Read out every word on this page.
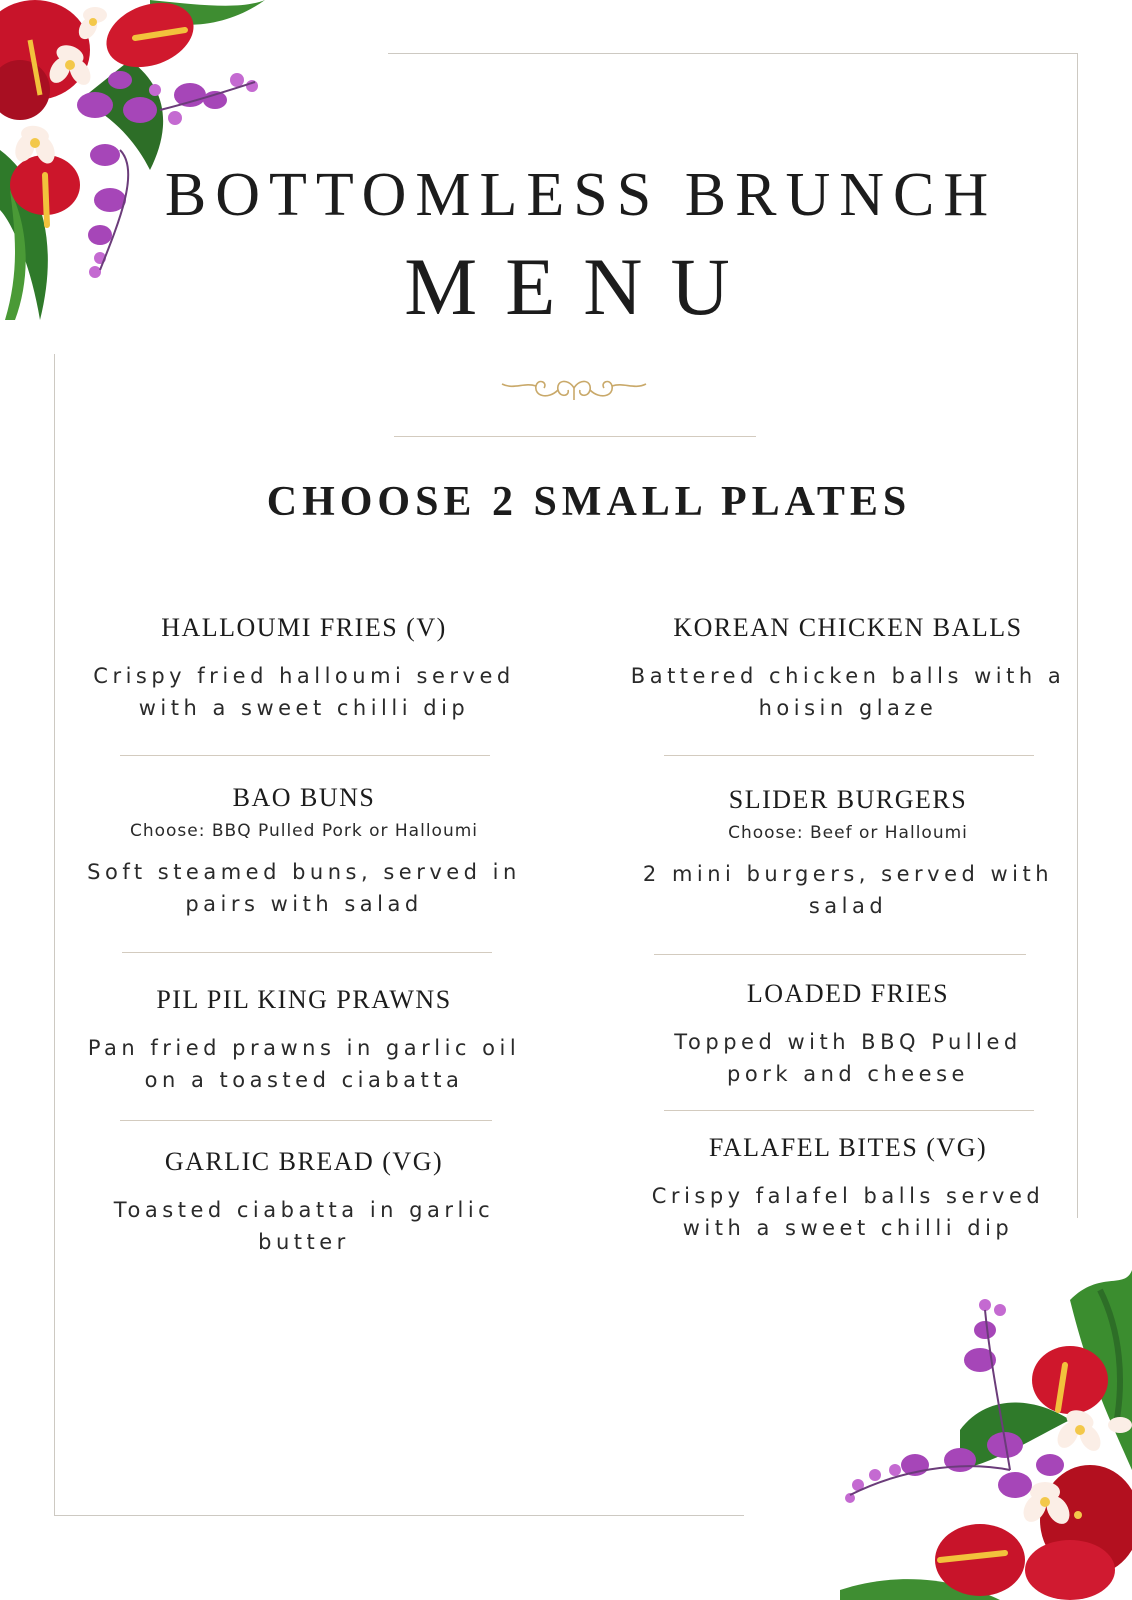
BOTTOMLESS BRUNCH
MENU
CHOOSE 2 SMALL PLATES
HALLOUMI FRIES (V)

Crispy fried halloumi served with a sweet chilli dip

BAO BUNS

Choose: BBQ Pulled Pork or Halloumi

Soft steamed buns, served in pairs with salad

PIL PIL KING PRAWNS

Pan fried prawns in garlic oil on a toasted ciabatta

GARLIC BREAD (VG)

Toasted ciabatta in garlic butter

KOREAN CHICKEN BALLS

Battered chicken balls with a hoisin glaze

SLIDER BURGERS

Choose: Beef or Halloumi

2 mini burgers, served with salad

LOADED FRIES

Topped with BBQ Pulled pork and cheese

FALAFEL BITES (VG)

Crispy falafel balls served with a sweet chilli dip
